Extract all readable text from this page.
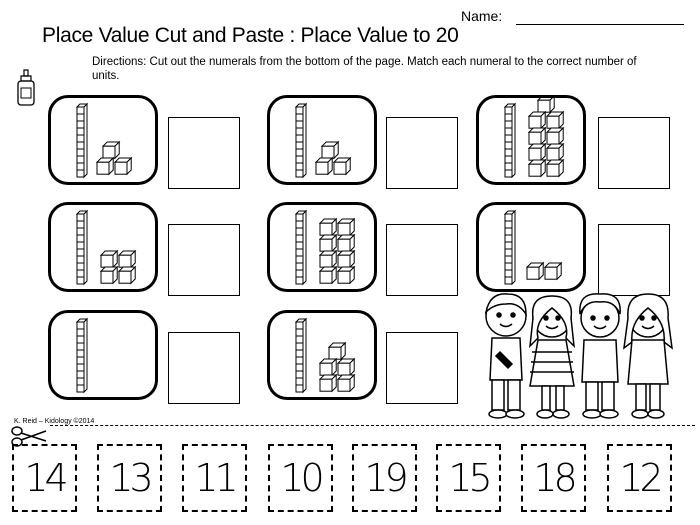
Name:
Place Value Cut and Paste : Place Value to 20
Directions: Cut out the numerals from the bottom of the page. Match each numeral to the correct number of units.
K. Reid – Kidology ©2014
14	13	11	10	19	15	18	12
